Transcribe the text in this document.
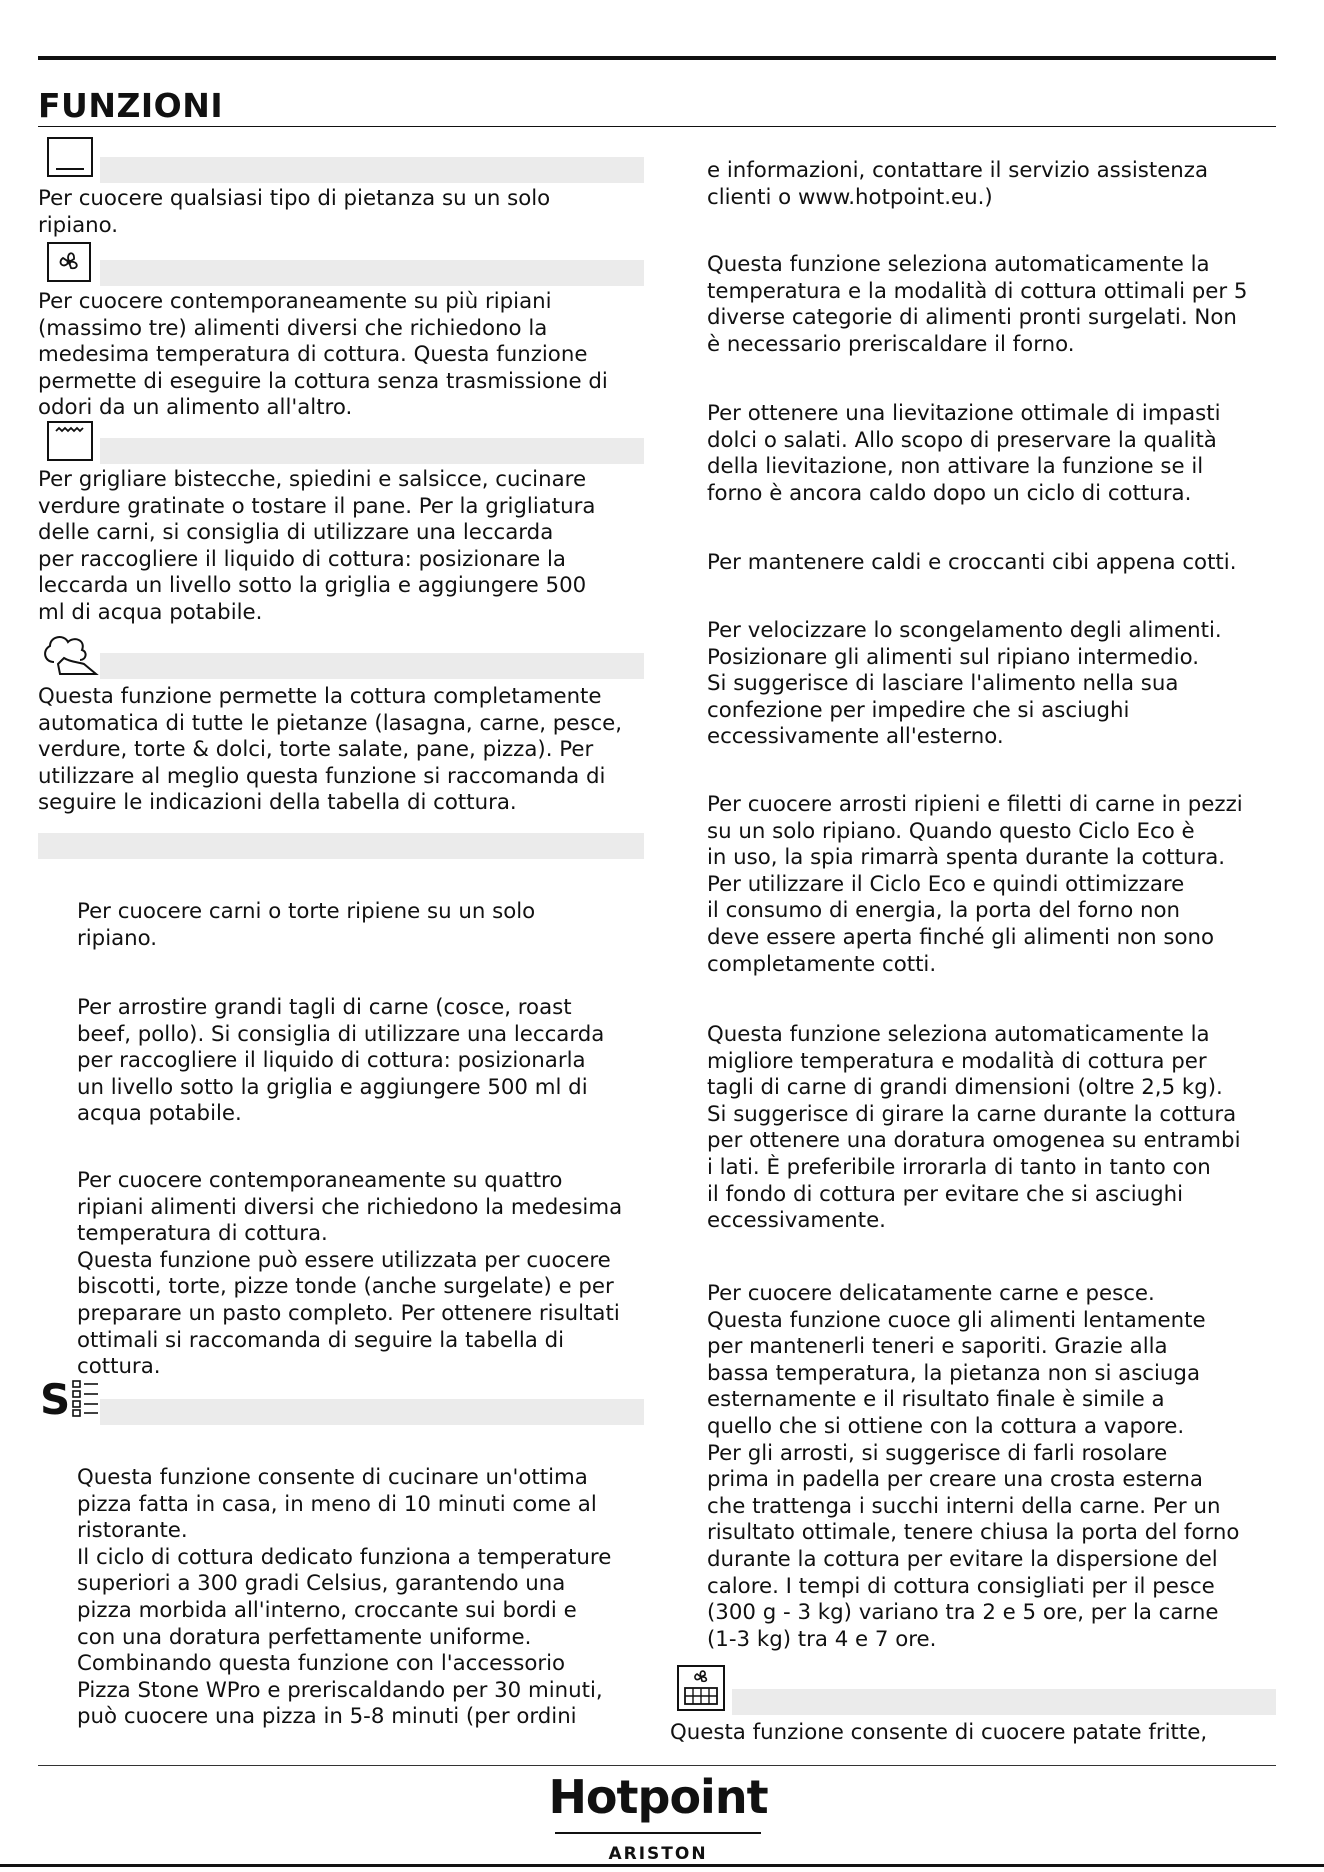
FUNZIONI
Per cuocere qualsiasi tipo di pietanza su un solo
ripiano.
Per cuocere contemporaneamente su più ripiani
(massimo tre) alimenti diversi che richiedono la
medesima temperatura di cottura. Questa funzione
permette di eseguire la cottura senza trasmissione di
odori da un alimento all'altro.
Per grigliare bistecche, spiedini e salsicce, cucinare
verdure gratinate o tostare il pane. Per la grigliatura
delle carni, si consiglia di utilizzare una leccarda
per raccogliere il liquido di cottura: posizionare la
leccarda un livello sotto la griglia e aggiungere 500
ml di acqua potabile.
Questa funzione permette la cottura completamente
automatica di tutte le pietanze (lasagna, carne, pesce,
verdure, torte & dolci, torte salate, pane, pizza). Per
utilizzare al meglio questa funzione si raccomanda di
seguire le indicazioni della tabella di cottura.
Per cuocere carni o torte ripiene su un solo
ripiano.
Per arrostire grandi tagli di carne (cosce, roast
beef, pollo). Si consiglia di utilizzare una leccarda
per raccogliere il liquido di cottura: posizionarla
un livello sotto la griglia e aggiungere 500 ml di
acqua potabile.
Per cuocere contemporaneamente su quattro
ripiani alimenti diversi che richiedono la medesima
temperatura di cottura.
Questa funzione può essere utilizzata per cuocere
biscotti, torte, pizze tonde (anche surgelate) e per
preparare un pasto completo. Per ottenere risultati
ottimali si raccomanda di seguire la tabella di
cottura.
S
Questa funzione consente di cucinare un'ottima
pizza fatta in casa, in meno di 10 minuti come al
ristorante.
Il ciclo di cottura dedicato funziona a temperature
superiori a 300 gradi Celsius, garantendo una
pizza morbida all'interno, croccante sui bordi e
con una doratura perfettamente uniforme.
Combinando questa funzione con l'accessorio
Pizza Stone WPro e preriscaldando per 30 minuti,
può cuocere una pizza in 5-8 minuti (per ordini
e informazioni, contattare il servizio assistenza
clienti o www.hotpoint.eu.)
Questa funzione seleziona automaticamente la
temperatura e la modalità di cottura ottimali per 5
diverse categorie di alimenti pronti surgelati. Non
è necessario preriscaldare il forno.
Per ottenere una lievitazione ottimale di impasti
dolci o salati. Allo scopo di preservare la qualità
della lievitazione, non attivare la funzione se il
forno è ancora caldo dopo un ciclo di cottura.
Per mantenere caldi e croccanti cibi appena cotti.
Per velocizzare lo scongelamento degli alimenti.
Posizionare gli alimenti sul ripiano intermedio.
Si suggerisce di lasciare l'alimento nella sua
confezione per impedire che si asciughi
eccessivamente all'esterno.
Per cuocere arrosti ripieni e filetti di carne in pezzi
su un solo ripiano. Quando questo Ciclo Eco è
in uso, la spia rimarrà spenta durante la cottura.
Per utilizzare il Ciclo Eco e quindi ottimizzare
il consumo di energia, la porta del forno non
deve essere aperta finché gli alimenti non sono
completamente cotti.
Questa funzione seleziona automaticamente la
migliore temperatura e modalità di cottura per
tagli di carne di grandi dimensioni (oltre 2,5 kg).
Si suggerisce di girare la carne durante la cottura
per ottenere una doratura omogenea su entrambi
i lati. È preferibile irrorarla di tanto in tanto con
il fondo di cottura per evitare che si asciughi
eccessivamente.
Per cuocere delicatamente carne e pesce.
Questa funzione cuoce gli alimenti lentamente
per mantenerli teneri e saporiti. Grazie alla
bassa temperatura, la pietanza non si asciuga
esternamente e il risultato finale è simile a
quello che si ottiene con la cottura a vapore.
Per gli arrosti, si suggerisce di farli rosolare
prima in padella per creare una crosta esterna
che trattenga i succhi interni della carne. Per un
risultato ottimale, tenere chiusa la porta del forno
durante la cottura per evitare la dispersione del
calore. I tempi di cottura consigliati per il pesce
(300 g - 3 kg) variano tra 2 e 5 ore, per la carne
(1-3 kg) tra 4 e 7 ore.
Questa funzione consente di cuocere patate fritte,
Hotpoint
ARISTON
